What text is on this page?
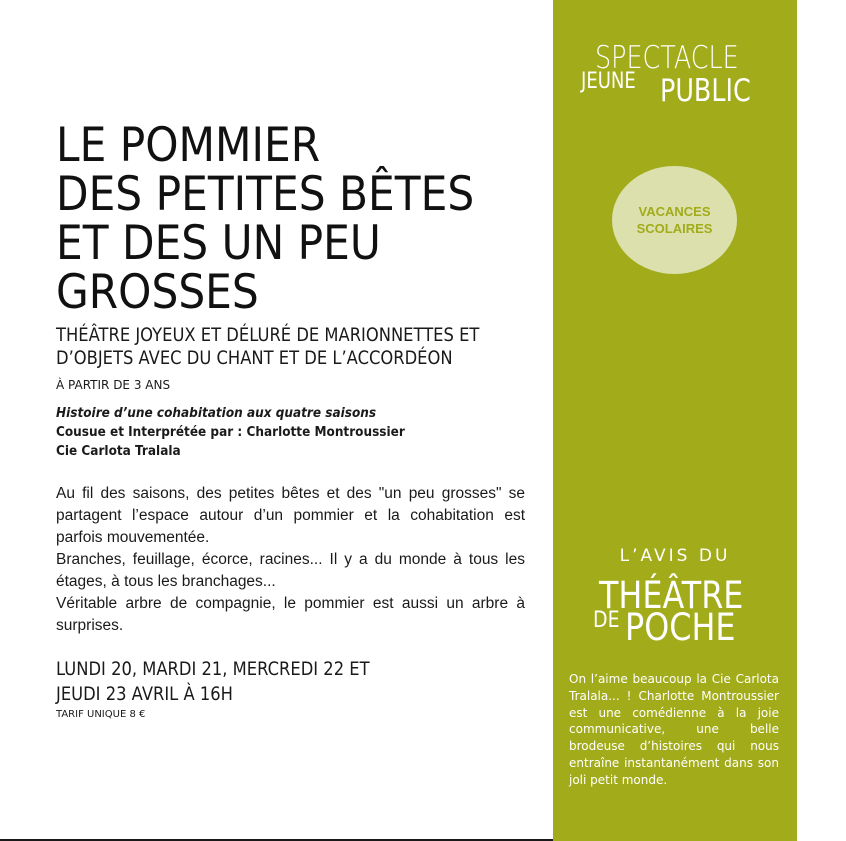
SPECTACLE
JEUNE PUBLIC
VACANCES
SCOLAIRES
L’AVIS DU
THÉÂTRE
DE POCHE
On l’aime beaucoup la Cie Carlota Tralala... ! Charlotte Montroussier est une comédienne à la joie communicative, une belle brodeuse d’histoires qui nous entraîne instantanément dans son joli petit monde.
LE POMMIER
DES PETITES BÊTES
ET DES UN PEU
GROSSES
THÉÂTRE JOYEUX ET DÉLURÉ DE MARIONNETTES ET
D’OBJETS AVEC DU CHANT ET DE L’ACCORDÉON
À PARTIR DE 3 ANS
Histoire d’une cohabitation aux quatre saisons
Cousue et Interprétée par : Charlotte Montroussier
Cie Carlota Tralala

Au fil des saisons, des petites bêtes et des "un peu grosses" se partagent l’espace autour d’un pommier et la cohabitation est parfois mouvementée.

Branches, feuillage, écorce, racines... Il y a du monde à tous les étages, à tous les branchages...

Véritable arbre de compagnie, le pommier est aussi un arbre à surprises.

LUNDI 20, MARDI 21, MERCREDI 22 ET
JEUDI 23 AVRIL À 16H
TARIF UNIQUE 8 €
